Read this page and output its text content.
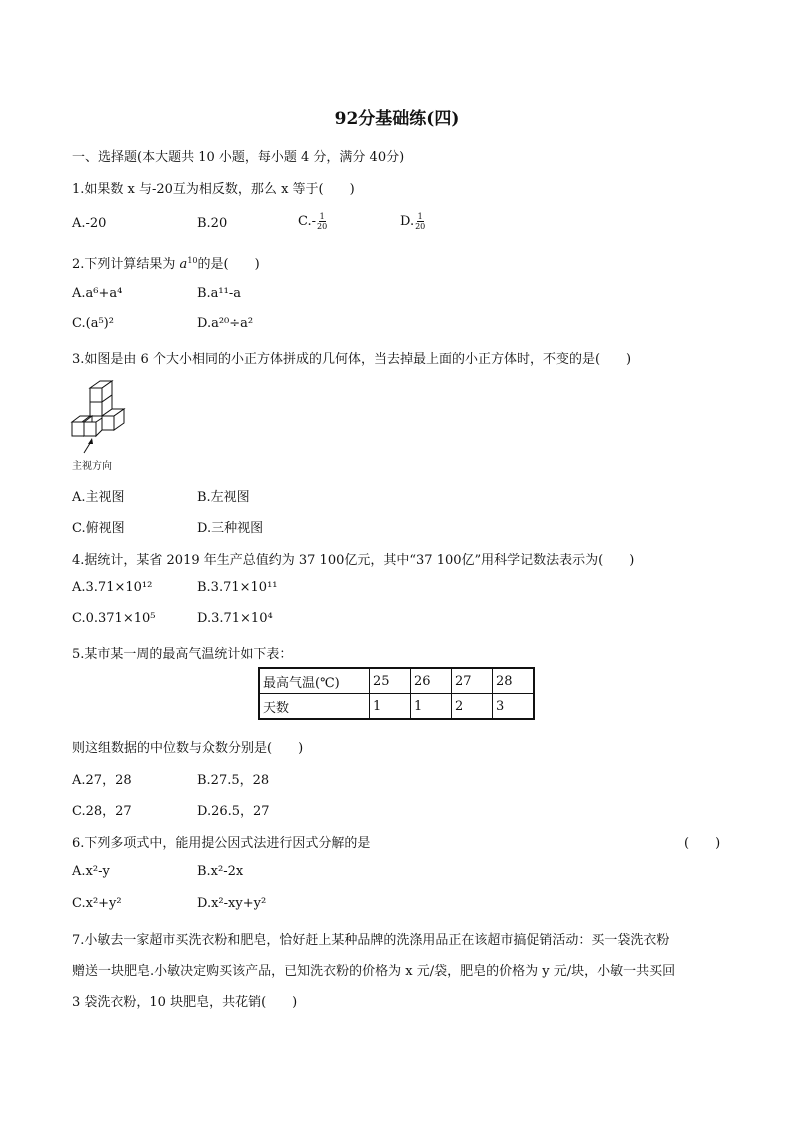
92分基础练(四)
一、选择题(本大题共 10 小题，每小题 4 分，满分 40分)
1.如果数 x 与-20互为相反数，那么 x 等于(　　)
A.-20	B.20	$C.- \frac{1}{20}$	D. $\frac{1}{20}$
2.下列计算结果为 $a^{10}$的是(　　)
A.a⁶+a⁴	B.a¹¹-a
C.(a⁵)²	D.a²⁰÷a²
3.如图是由 6 个大小相同的小正方体拼成的几何体，当去掉最上面的小正方体时，不变的是(　　)
主视方向
A.主视图	B.左视图
C.俯视图	D.三种视图
4.据统计，某省 2019 年生产总值约为 37 100亿元，其中“37 100亿”用科学记数法表示为(　　)
A.3.71×10¹²	B.3.71×10¹¹
C.0.371×10⁵	D.3.71×10⁴
5.某市某一周的最高气温统计如下表：
最高气温(℃)	25	26	27	28
天数	1	1	2	3
则这组数据的中位数与众数分别是(　　)
A.27，28	B.27.5，28
C.28，27	D.26.5，27
6.下列多项式中，能用提公因式法进行因式分解的是	(　　)
A.x²-y	B.x²-2x
C.x²+y²	D.x²-xy+y²
7.小敏去一家超市买洗衣粉和肥皂，恰好赶上某种品牌的洗涤用品正在该超市搞促销活动：买一袋洗衣粉
赠送一块肥皂.小敏决定购买该产品，已知洗衣粉的价格为 x 元/袋，肥皂的价格为 y 元/块，小敏一共买回
3 袋洗衣粉，10 块肥皂，共花销(　　)
